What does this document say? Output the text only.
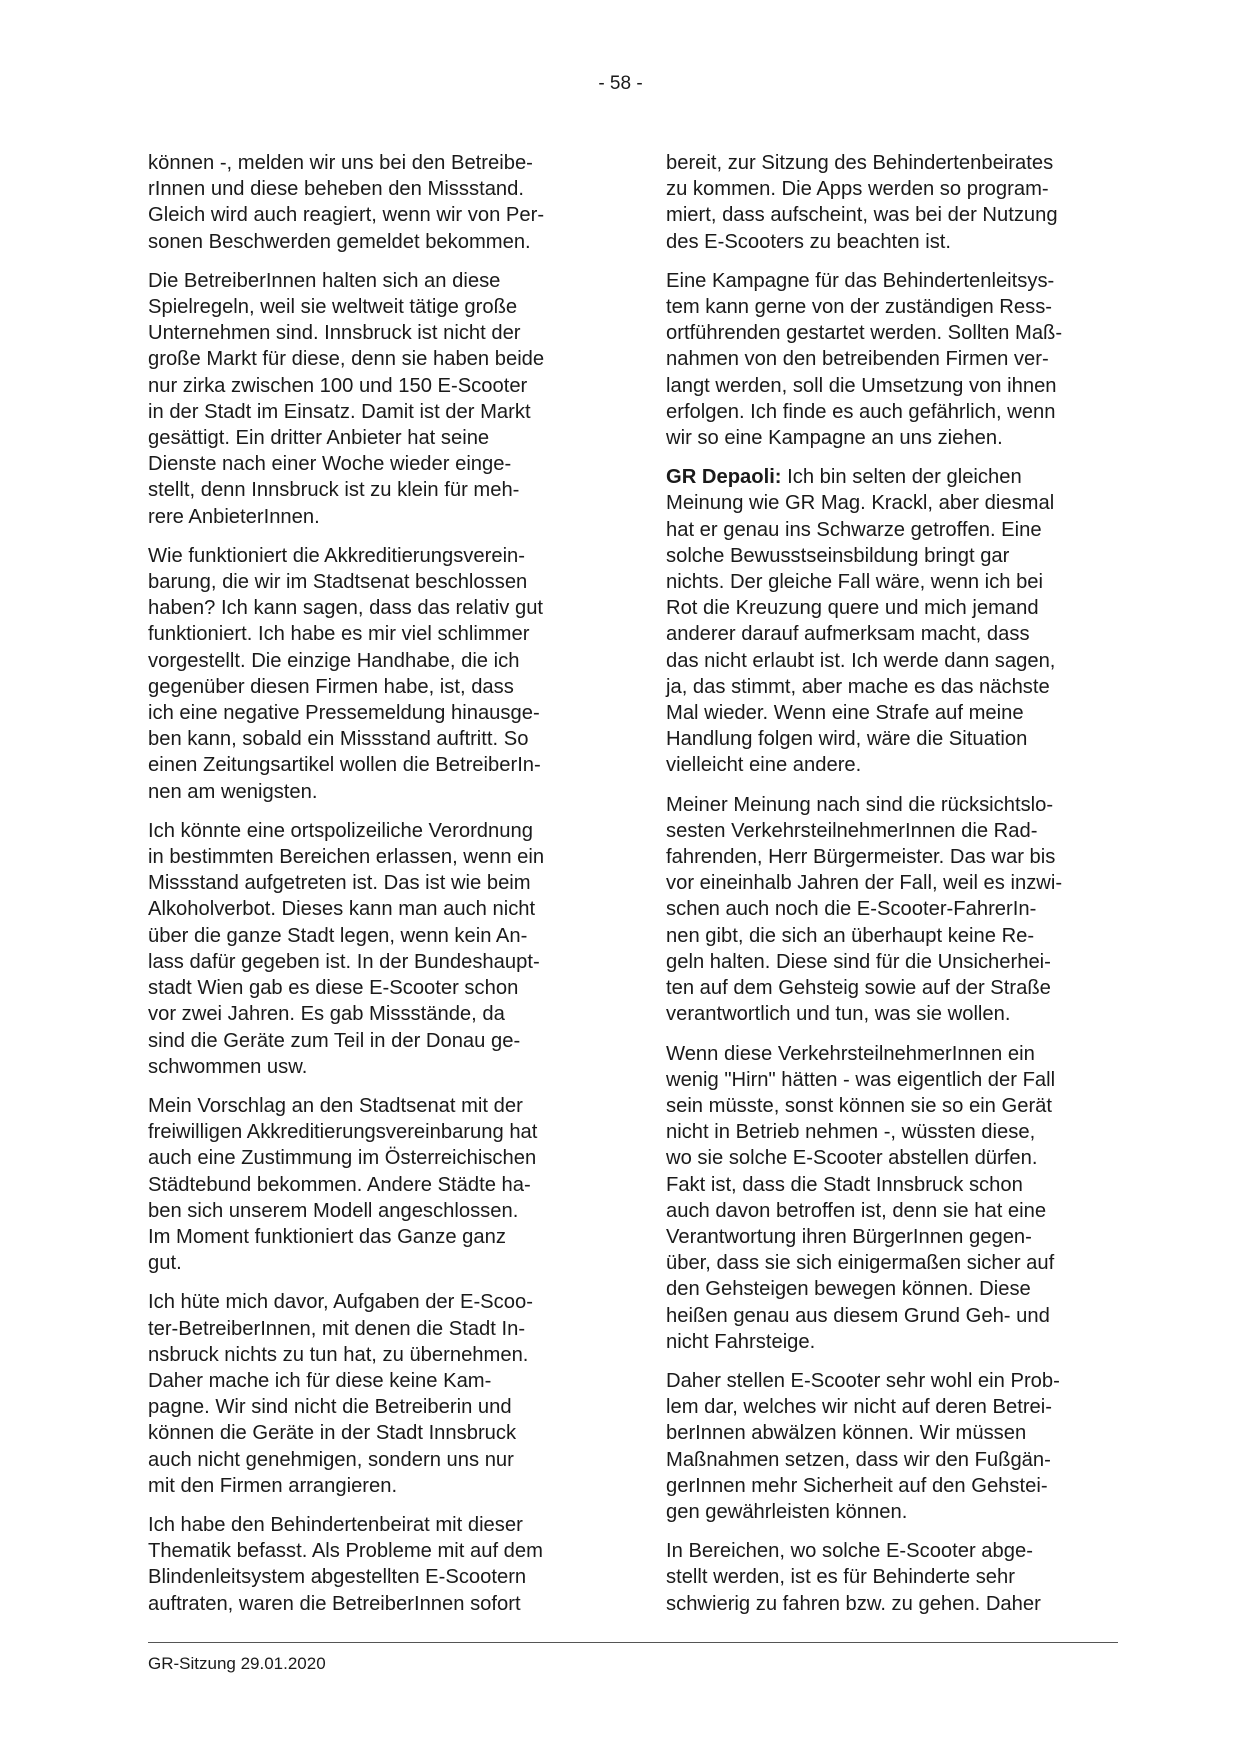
- 58 -

können -, melden wir uns bei den Betreibe-
rInnen und diese beheben den Missstand.
Gleich wird auch reagiert, wenn wir von Per-
sonen Beschwerden gemeldet bekommen.

Die BetreiberInnen halten sich an diese
Spielregeln, weil sie weltweit tätige große
Unternehmen sind. Innsbruck ist nicht der
große Markt für diese, denn sie haben beide
nur zirka zwischen 100 und 150 E-Scooter
in der Stadt im Einsatz. Damit ist der Markt
gesättigt. Ein dritter Anbieter hat seine
Dienste nach einer Woche wieder einge-
stellt, denn Innsbruck ist zu klein für meh-
rere AnbieterInnen.

Wie funktioniert die Akkreditierungsverein-
barung, die wir im Stadtsenat beschlossen
haben? Ich kann sagen, dass das relativ gut
funktioniert. Ich habe es mir viel schlimmer
vorgestellt. Die einzige Handhabe, die ich
gegenüber diesen Firmen habe, ist, dass
ich eine negative Pressemeldung hinausge-
ben kann, sobald ein Missstand auftritt. So
einen Zeitungsartikel wollen die BetreiberIn-
nen am wenigsten.

Ich könnte eine ortspolizeiliche Verordnung
in bestimmten Bereichen erlassen, wenn ein
Missstand aufgetreten ist. Das ist wie beim
Alkoholverbot. Dieses kann man auch nicht
über die ganze Stadt legen, wenn kein An-
lass dafür gegeben ist. In der Bundeshaupt-
stadt Wien gab es diese E-Scooter schon
vor zwei Jahren. Es gab Missstände, da
sind die Geräte zum Teil in der Donau ge-
schwommen usw.

Mein Vorschlag an den Stadtsenat mit der
freiwilligen Akkreditierungsvereinbarung hat
auch eine Zustimmung im Österreichischen
Städtebund bekommen. Andere Städte ha-
ben sich unserem Modell angeschlossen.
Im Moment funktioniert das Ganze ganz
gut.

Ich hüte mich davor, Aufgaben der E-Scoo-
ter-BetreiberInnen, mit denen die Stadt In-
nsbruck nichts zu tun hat, zu übernehmen.
Daher mache ich für diese keine Kam-
pagne. Wir sind nicht die Betreiberin und
können die Geräte in der Stadt Innsbruck
auch nicht genehmigen, sondern uns nur
mit den Firmen arrangieren.

Ich habe den Behindertenbeirat mit dieser
Thematik befasst. Als Probleme mit auf dem
Blindenleitsystem abgestellten E-Scootern
auftraten, waren die BetreiberInnen sofort

bereit, zur Sitzung des Behindertenbeirates
zu kommen. Die Apps werden so program-
miert, dass aufscheint, was bei der Nutzung
des E-Scooters zu beachten ist.

Eine Kampagne für das Behindertenleitsys-
tem kann gerne von der zuständigen Ress-
ortführenden gestartet werden. Sollten Maß-
nahmen von den betreibenden Firmen ver-
langt werden, soll die Umsetzung von ihnen
erfolgen. Ich finde es auch gefährlich, wenn
wir so eine Kampagne an uns ziehen.

GR Depaoli: Ich bin selten der gleichen
Meinung wie GR Mag. Krackl, aber diesmal
hat er genau ins Schwarze getroffen. Eine
solche Bewusstseinsbildung bringt gar
nichts. Der gleiche Fall wäre, wenn ich bei
Rot die Kreuzung quere und mich jemand
anderer darauf aufmerksam macht, dass
das nicht erlaubt ist. Ich werde dann sagen,
ja, das stimmt, aber mache es das nächste
Mal wieder. Wenn eine Strafe auf meine
Handlung folgen wird, wäre die Situation
vielleicht eine andere.

Meiner Meinung nach sind die rücksichtslo-
sesten VerkehrsteilnehmerInnen die Rad-
fahrenden, Herr Bürgermeister. Das war bis
vor eineinhalb Jahren der Fall, weil es inzwi-
schen auch noch die E-Scooter-FahrerIn-
nen gibt, die sich an überhaupt keine Re-
geln halten. Diese sind für die Unsicherhei-
ten auf dem Gehsteig sowie auf der Straße
verantwortlich und tun, was sie wollen.

Wenn diese VerkehrsteilnehmerInnen ein
wenig "Hirn" hätten - was eigentlich der Fall
sein müsste, sonst können sie so ein Gerät
nicht in Betrieb nehmen -, wüssten diese,
wo sie solche E-Scooter abstellen dürfen.
Fakt ist, dass die Stadt Innsbruck schon
auch davon betroffen ist, denn sie hat eine
Verantwortung ihren BürgerInnen gegen-
über, dass sie sich einigermaßen sicher auf
den Gehsteigen bewegen können. Diese
heißen genau aus diesem Grund Geh- und
nicht Fahrsteige.

Daher stellen E-Scooter sehr wohl ein Prob-
lem dar, welches wir nicht auf deren Betrei-
berInnen abwälzen können. Wir müssen
Maßnahmen setzen, dass wir den Fußgän-
gerInnen mehr Sicherheit auf den Gehstei-
gen gewährleisten können.

In Bereichen, wo solche E-Scooter abge-
stellt werden, ist es für Behinderte sehr
schwierig zu fahren bzw. zu gehen. Daher

GR-Sitzung 29.01.2020
